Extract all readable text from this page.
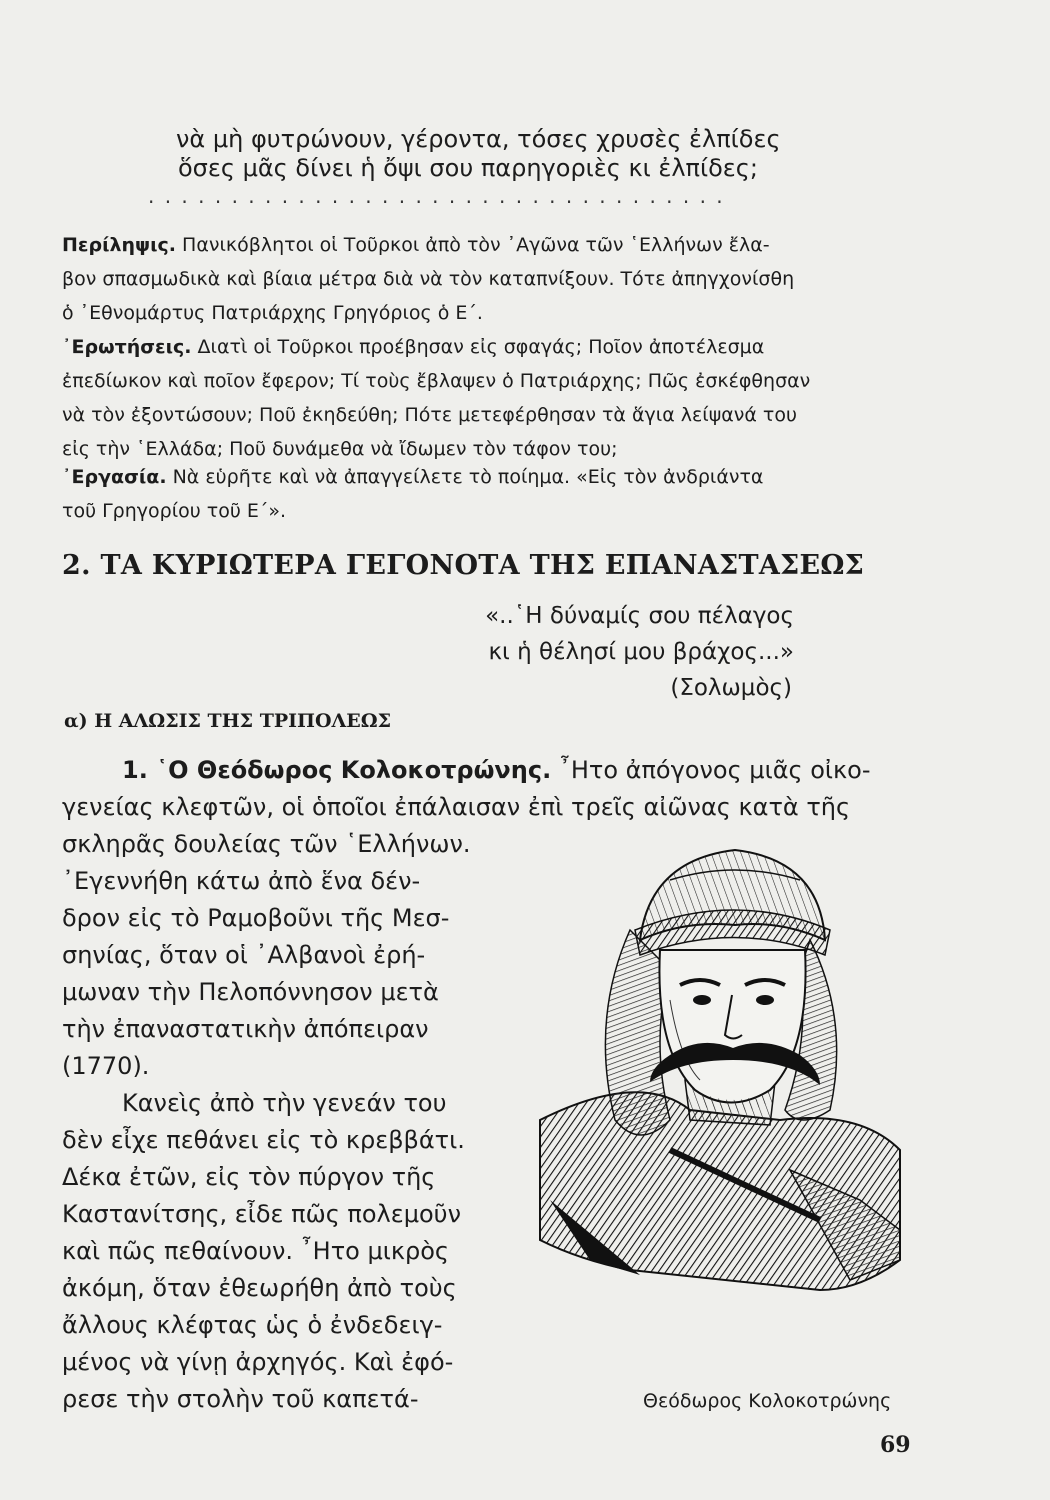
νὰ μὴ φυτρώνουν, γέροντα, τόσες χρυσὲς ἐλπίδες
ὅσες μᾶς δίνει ἡ ὄψι σου παρηγοριὲς κι ἐλπίδες;
· · · · · · · · · · · · · · · · · · · · · · · · · · · · · · · · · · ·
Περίληψις. Πανικόβλητοι οἱ Τοῦρκοι ἀπὸ τὸν ᾿Αγῶνα τῶν ῾Ελλήνων ἔλα-
βον σπασμωδικὰ καὶ βίαια μέτρα διὰ νὰ τὸν καταπνίξουν. Τότε ἀπηγχονίσθη
ὁ ᾿Εθνομάρτυς Πατριάρχης Γρηγόριος ὁ Ε΄.
᾿Ερωτήσεις. Διατὶ οἱ Τοῦρκοι προέβησαν εἰς σφαγάς; Ποῖον ἀποτέλεσμα
ἐπεδίωκον καὶ ποῖον ἔφερον; Τί τοὺς ἔβλαψεν ὁ Πατριάρχης; Πῶς ἐσκέφθησαν
νὰ τὸν ἐξοντώσουν; Ποῦ ἐκηδεύθη; Πότε μετεφέρθησαν τὰ ἅγια λείψανά του
εἰς τὴν ῾Ελλάδα; Ποῦ δυνάμεθα νὰ ἴδωμεν τὸν τάφον του;
᾿Εργασία. Νὰ εὑρῆτε καὶ νὰ ἀπαγγείλετε τὸ ποίημα. «Εἰς τὸν ἀνδριάντα
τοῦ Γρηγορίου τοῦ Ε΄».
2. ΤΑ ΚΥΡΙΩΤΕΡΑ ΓΕΓΟΝΟΤΑ ΤΗΣ ΕΠΑΝΑΣΤΑΣΕΩΣ
«..῾Η δύναμίς σου πέλαγος
κι ἡ θέλησί μου βράχος...»
(Σολωμὸς)
α) Η ΑΛΩΣΙΣ ΤΗΣ ΤΡΙΠΟΛΕΩΣ
1. ῾Ο Θεόδωρος Κολοκοτρώνης. ῏Ητο ἀπόγονος μιᾶς οἰκο-
γενείας κλεφτῶν, οἱ ὁποῖοι ἐπάλαισαν ἐπὶ τρεῖς αἰῶνας κατὰ τῆς
σκληρᾶς δουλείας τῶν ῾Ελλήνων.
᾿Εγεννήθη κάτω ἀπὸ ἕνα δέν-
δρον εἰς τὸ Ραμοβοῦνι τῆς Μεσ-
σηνίας, ὅταν οἱ ᾿Αλβανοὶ ἐρή-
μωναν τὴν Πελοπόννησον μετὰ
τὴν ἐπαναστατικὴν ἀπόπειραν
(1770).
Κανεὶς ἀπὸ τὴν γενεάν του
δὲν εἶχε πεθάνει εἰς τὸ κρεββάτι.
Δέκα ἐτῶν, εἰς τὸν πύργον τῆς
Καστανίτσης, εἶδε πῶς πολεμοῦν
καὶ πῶς πεθαίνουν. ῏Ητο μικρὸς
ἀκόμη, ὅταν ἐθεωρήθη ἀπὸ τοὺς
ἄλλους κλέφτας ὡς ὁ ἐνδεδειγ-
μένος νὰ γίνῃ ἀρχηγός. Καὶ ἐφό-
ρεσε τὴν στολὴν τοῦ καπετά-	Θεόδωρος Κολοκοτρώνης
69
